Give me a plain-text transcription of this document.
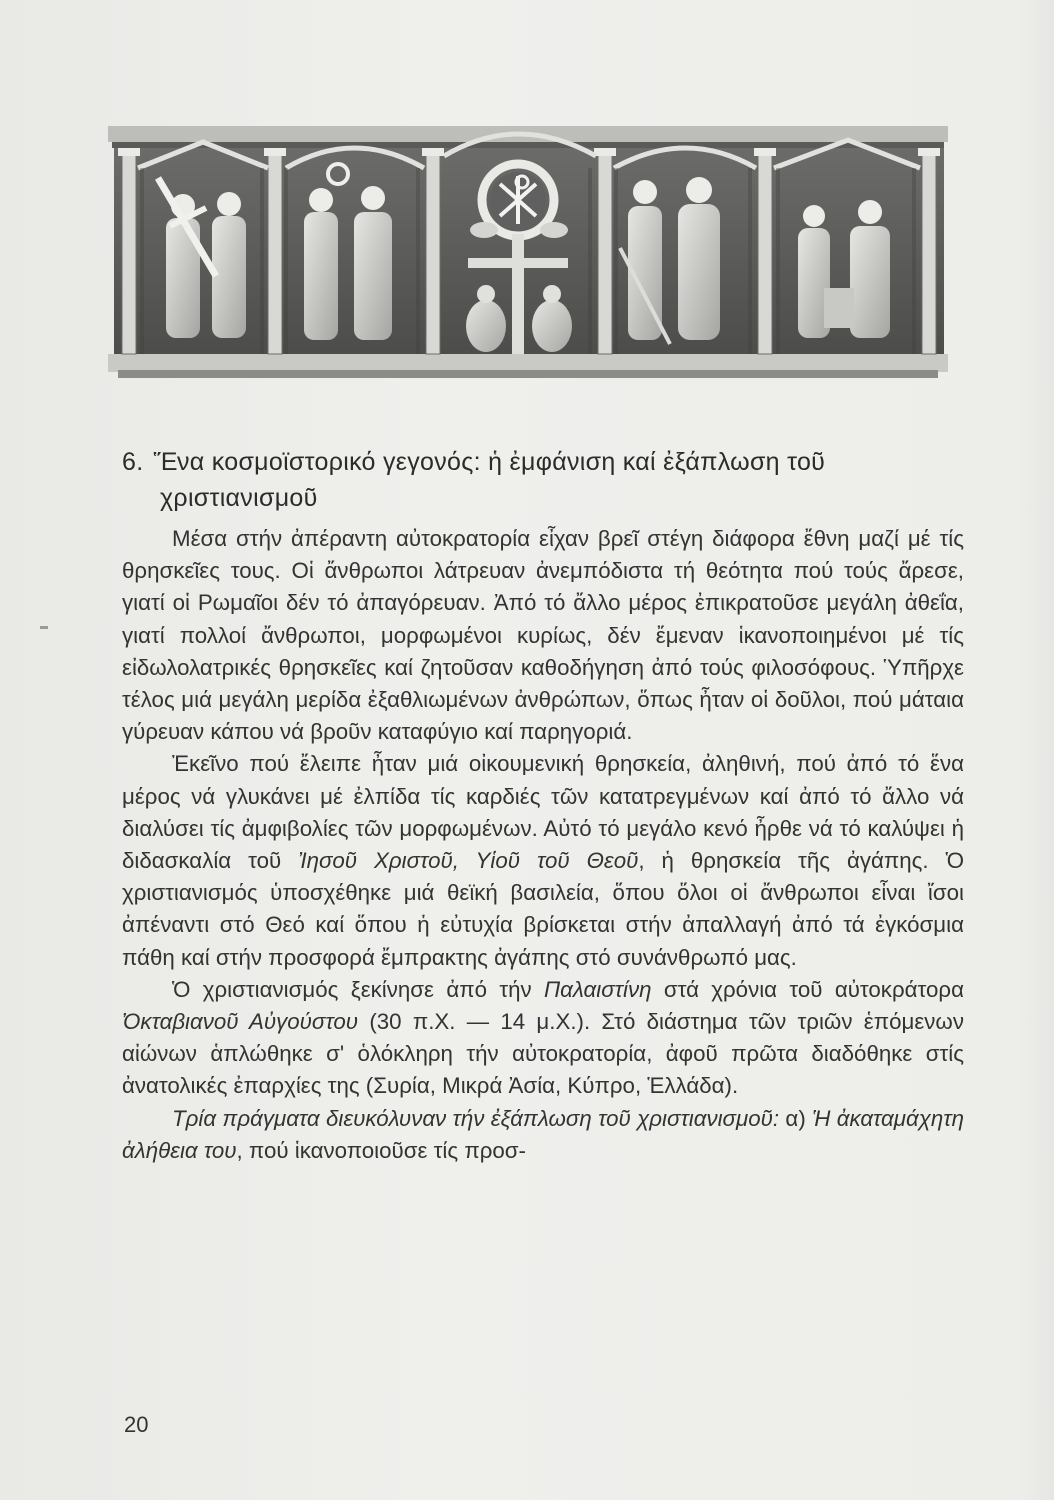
6. Ἕνα κοσμοϊστορικό γεγονός: ἡ ἐμφάνιση καί ἐξάπλωση τοῦ
χριστιανισμοῦ

Μέσα στήν ἀπέραντη αὐτοκρατορία εἶχαν βρεῖ στέγη διάφορα ἔθνη μαζί μέ τίς θρησκεῖες τους. Οἱ ἄνθρωποι λάτρευαν ἀνεμπόδιστα τή θεότητα πού τούς ἄρεσε, γιατί οἱ Ρωμαῖοι δέν τό ἀπαγόρευαν. Ἀπό τό ἄλλο μέρος ἐπικρατοῦσε μεγάλη ἀθεΐα, γιατί πολλοί ἄνθρωποι, μορφωμένοι κυρίως, δέν ἔμεναν ἱκανοποιημένοι μέ τίς εἰδωλολατρικές θρησκεῖες καί ζητοῦσαν καθοδήγηση ἀπό τούς φιλοσόφους. Ὑπῆρχε τέλος μιά μεγάλη μερίδα ἐξαθλιωμένων ἀνθρώπων, ὅπως ἦταν οἱ δοῦλοι, πού μάταια γύρευαν κάπου νά βροῦν καταφύγιο καί παρηγοριά.

Ἐκεῖνο πού ἔλειπε ἦταν μιά οἰκουμενική θρησκεία, ἀληθινή, πού ἀπό τό ἕνα μέρος νά γλυκάνει μέ ἐλπίδα τίς καρδιές τῶν κατατρεγμένων καί ἀπό τό ἄλλο νά διαλύσει τίς ἀμφιβολίες τῶν μορφωμένων. Αὐτό τό μεγάλο κενό ἦρθε νά τό καλύψει ἡ διδασκαλία τοῦ Ἰησοῦ Χριστοῦ, Υἱοῦ τοῦ Θεοῦ, ἡ θρησκεία τῆς ἀγάπης. Ὁ χριστιανισμός ὑποσχέθηκε μιά θεϊκή βασιλεία, ὅπου ὅλοι οἱ ἄνθρωποι εἶναι ἴσοι ἀπέναντι στό Θεό καί ὅπου ἡ εὐτυχία βρίσκεται στήν ἀπαλλαγή ἀπό τά ἐγκόσμια πάθη καί στήν προσφορά ἔμπρακτης ἀγάπης στό συνάνθρωπό μας.

Ὁ χριστιανισμός ξεκίνησε ἀπό τήν Παλαιστίνη στά χρόνια τοῦ αὐτοκράτορα Ὀκταβιανοῦ Αὐγούστου (30 π.Χ. — 14 μ.Χ.). Στό διάστημα τῶν τριῶν ἑπόμενων αἰώνων ἁπλώθηκε σ' ὁλόκληρη τήν αὐτοκρατορία, ἀφοῦ πρῶτα διαδόθηκε στίς ἀνατολικές ἐπαρχίες της (Συρία, Μικρά Ἀσία, Κύπρο, Ἑλλάδα).

Τρία πράγματα διευκόλυναν τήν ἐξάπλωση τοῦ χριστιανισμοῦ: α) Ἡ ἀκαταμάχητη ἀλήθεια του, πού ἱκανοποιοῦσε τίς προσ-

20
